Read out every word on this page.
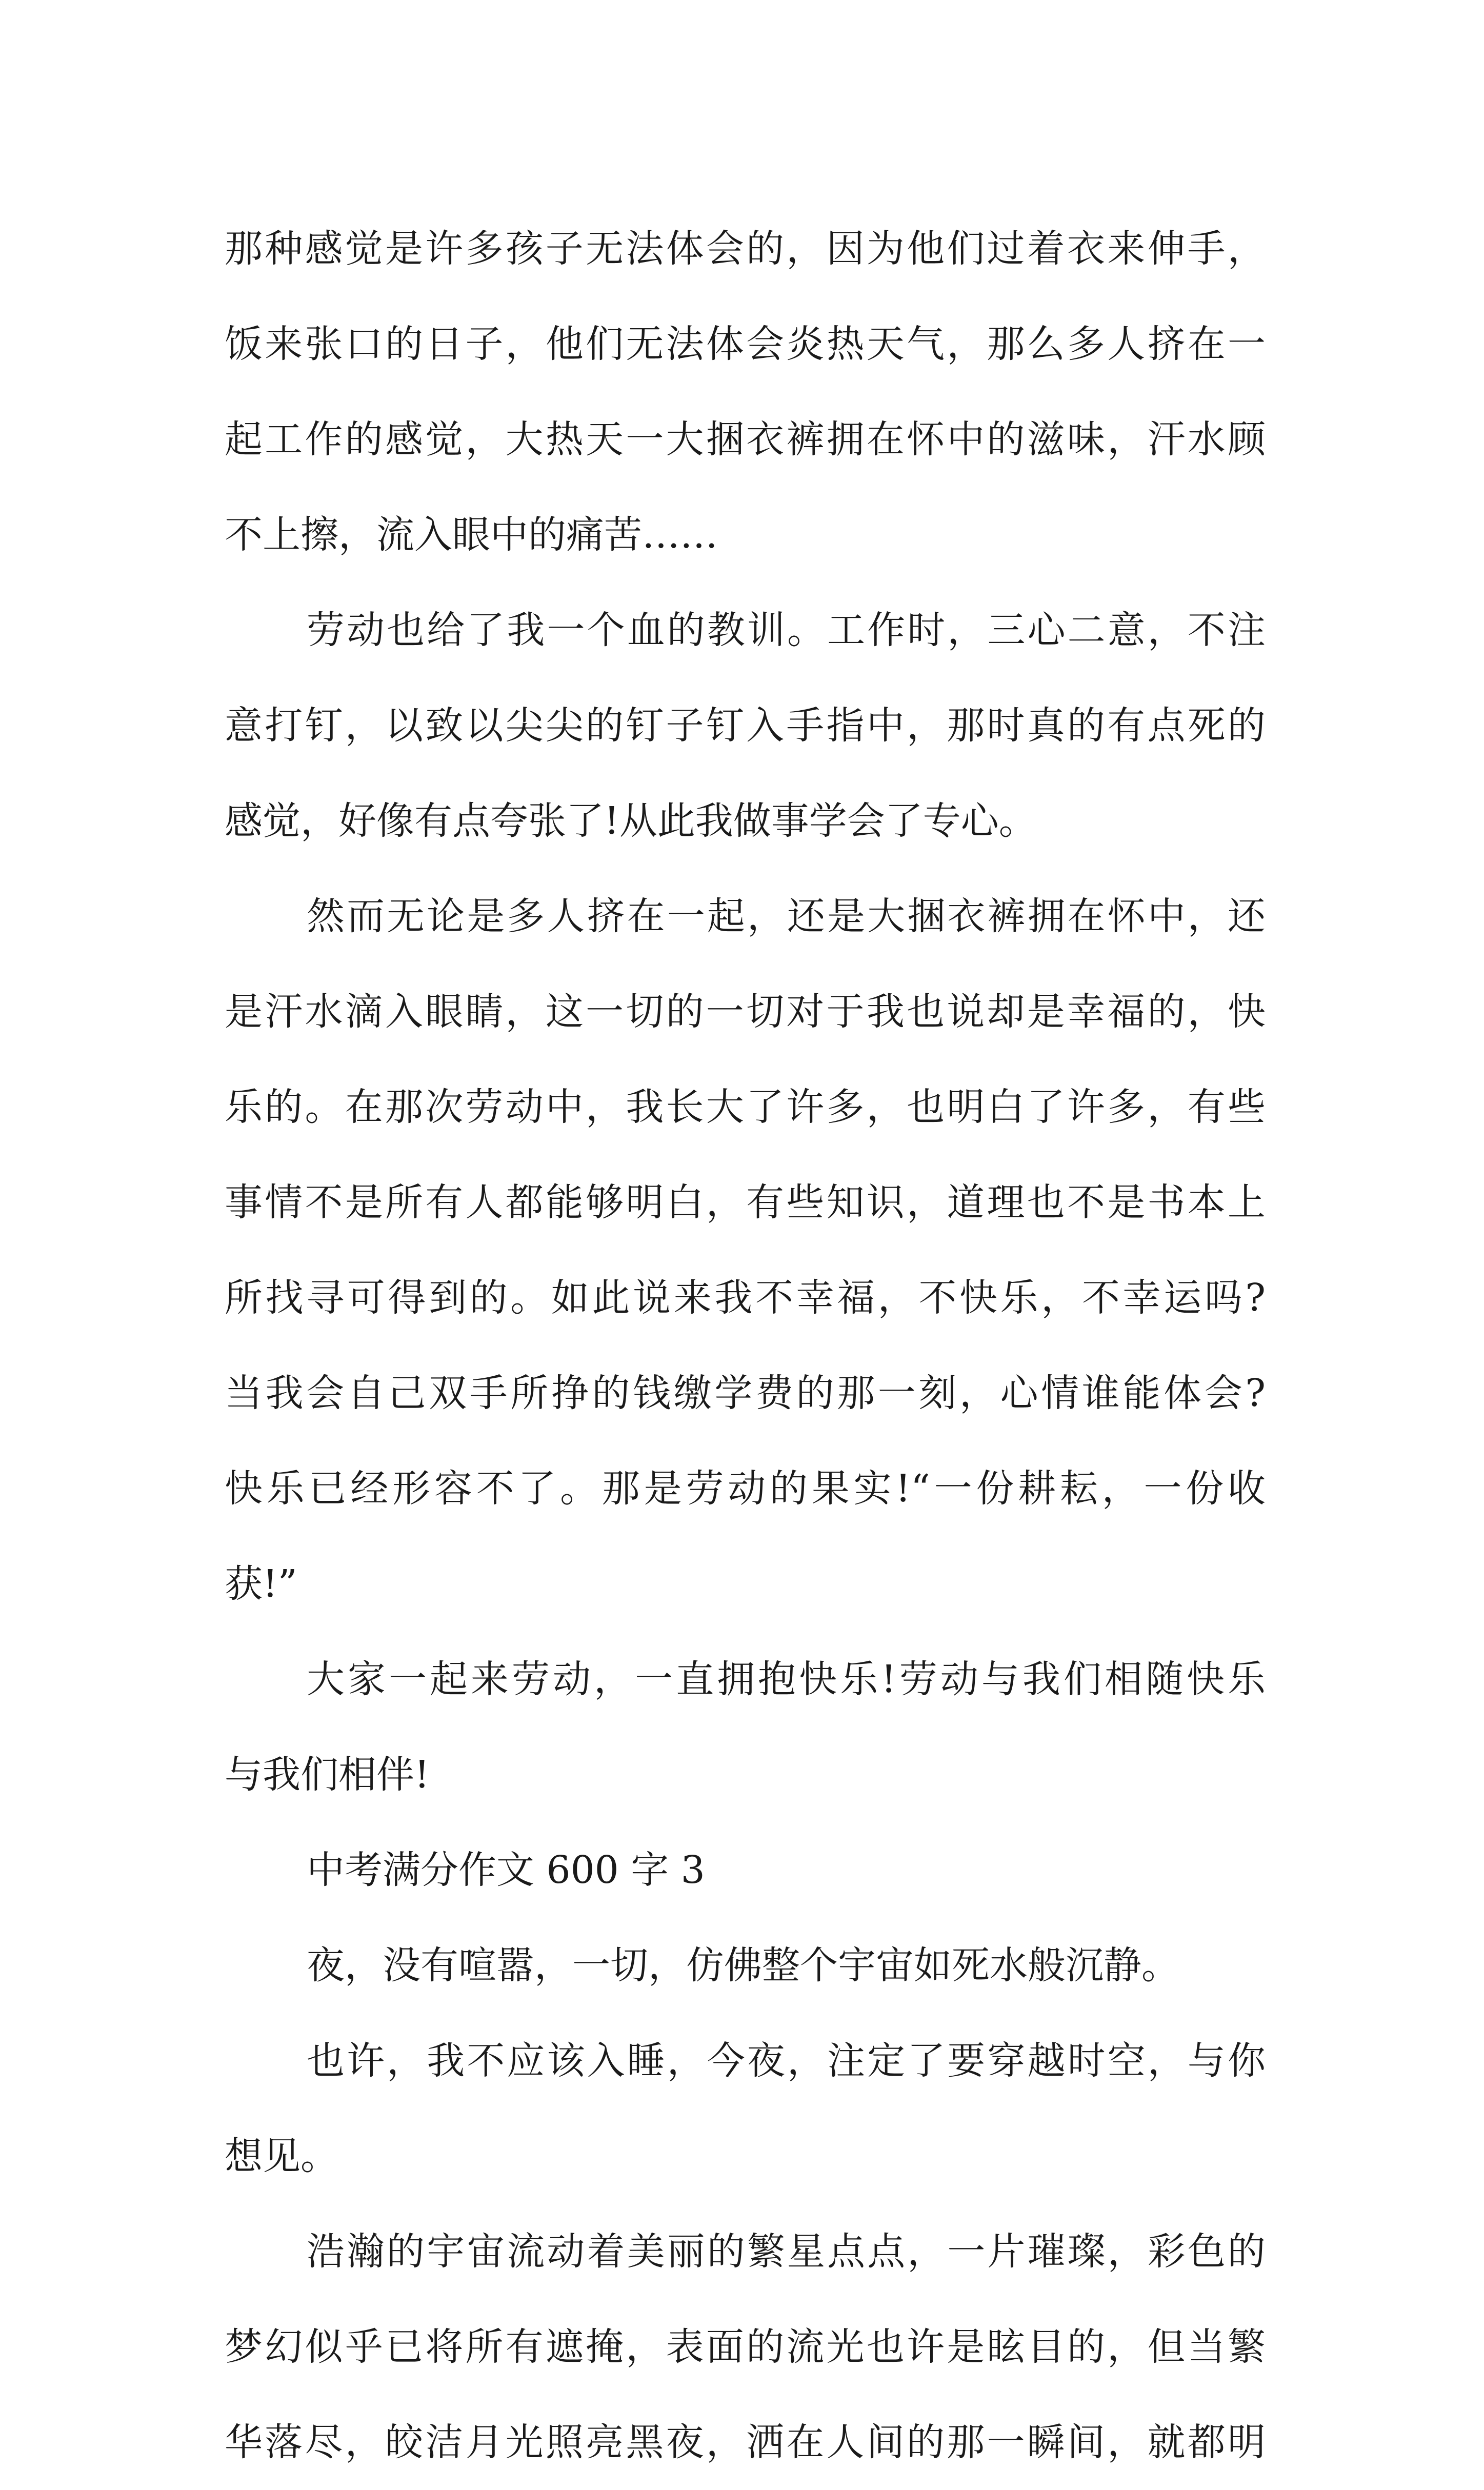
那种感觉是许多孩子无法体会的，因为他们过着衣来伸手，
饭来张口的日子，他们无法体会炎热天气，那么多人挤在一
起工作的感觉，大热天一大捆衣裤拥在怀中的滋味，汗水顾
不上擦，流入眼中的痛苦……
劳动也给了我一个血的教训。工作时，三心二意，不注
意打钉，以致以尖尖的钉子钉入手指中，那时真的有点死的
感觉，好像有点夸张了!从此我做事学会了专心。
然而无论是多人挤在一起，还是大捆衣裤拥在怀中，还
是汗水滴入眼睛，这一切的一切对于我也说却是幸福的，快
乐的。在那次劳动中，我长大了许多，也明白了许多，有些
事情不是所有人都能够明白，有些知识，道理也不是书本上
所找寻可得到的。如此说来我不幸福，不快乐，不幸运吗?
当我会自己双手所挣的钱缴学费的那一刻，心情谁能体会?
快乐已经形容不了。那是劳动的果实!“一份耕耘，一份收
获!”
大家一起来劳动，一直拥抱快乐!劳动与我们相随快乐
与我们相伴!
中考满分作文 600 字 3
夜，没有喧嚣，一切，仿佛整个宇宙如死水般沉静。
也许，我不应该入睡，今夜，注定了要穿越时空，与你
想见。
浩瀚的宇宙流动着美丽的繁星点点，一片璀璨，彩色的
梦幻似乎已将所有遮掩，表面的流光也许是眩目的，但当繁
华落尽，皎洁月光照亮黑夜，洒在人间的那一瞬间，就都明
